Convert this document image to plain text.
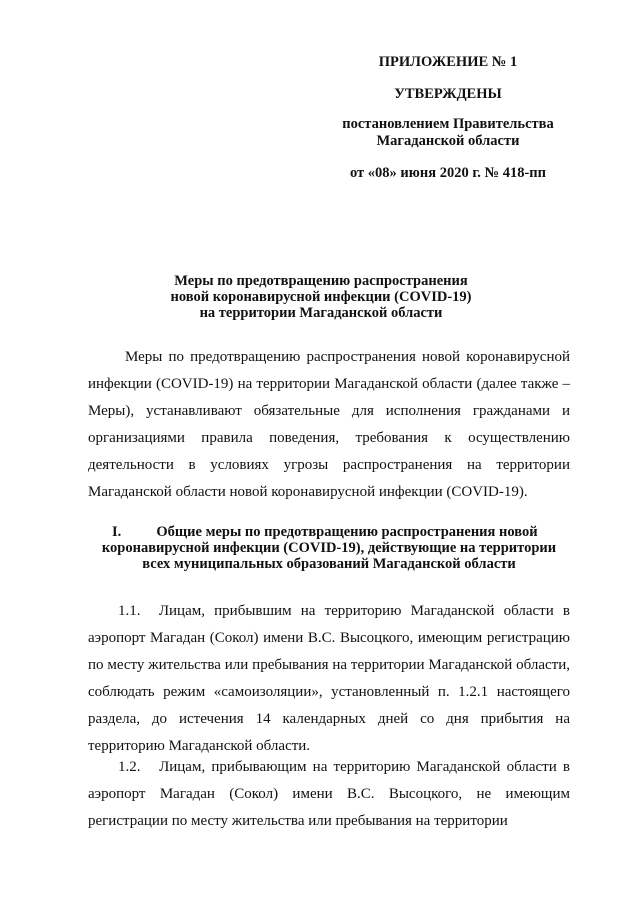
ПРИЛОЖЕНИЕ № 1
УТВЕРЖДЕНЫ
постановлением Правительства
Магаданской области
от «08» июня 2020 г. № 418-пп
Меры по предотвращению распространения
новой коронавирусной инфекции (COVID-19)
на территории Магаданской области

Меры по предотвращению распространения новой коронавирусной инфекции (COVID-19) на территории Магаданской области (далее также – Меры), устанавливают обязательные для исполнения гражданами и организациями правила поведения, требования к осуществлению деятельности в условиях угрозы распространения на территории Магаданской области новой коронавирусной инфекции (COVID-19).

I.	Общие меры по предотвращению распространения новой
коронавирусной инфекции (COVID-19), действующие на территории
всех муниципальных образований Магаданской области

1.1. Лицам, прибывшим на территорию Магаданской области в аэропорт Магадан (Сокол) имени В.С. Высоцкого, имеющим регистрацию по месту жительства или пребывания на территории Магаданской области, соблюдать режим «самоизоляции», установленный п. 1.2.1 настоящего раздела, до истечения 14 календарных дней со дня прибытия на территорию Магаданской области.

1.2. Лицам, прибывающим на территорию Магаданской области в аэропорт Магадан (Сокол) имени В.С. Высоцкого, не имеющим регистрации по месту жительства или пребывания на территории
